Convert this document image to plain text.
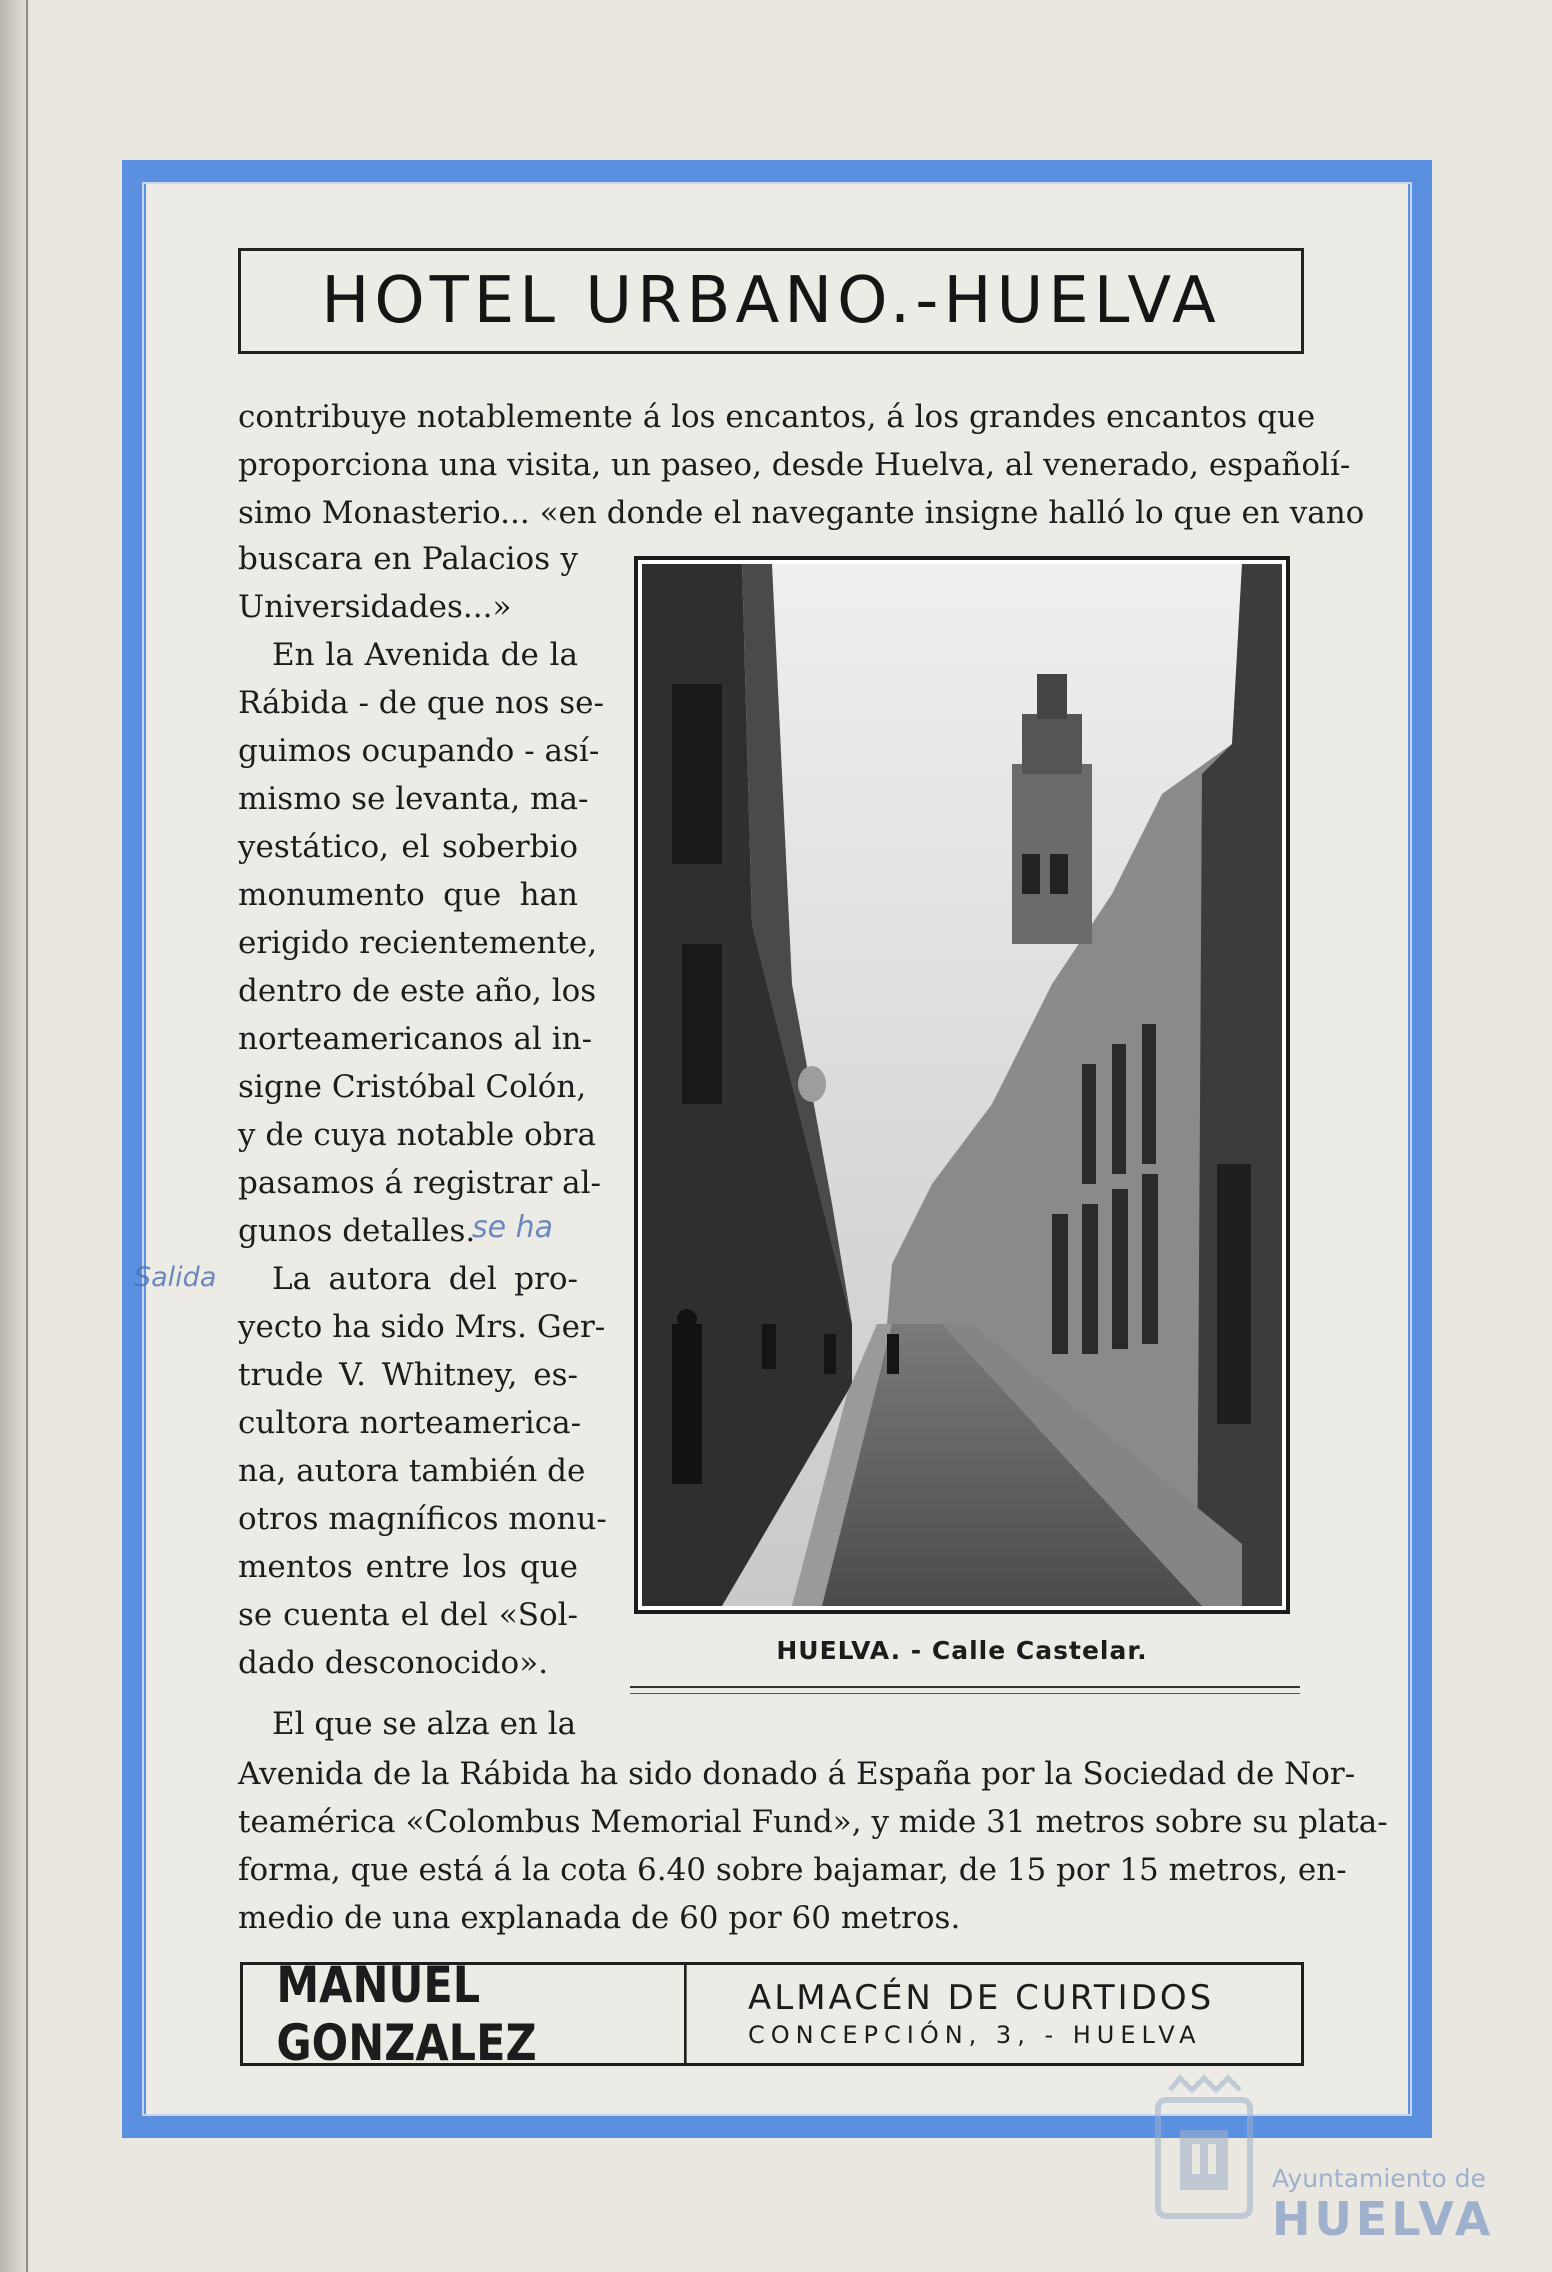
HOTEL URBANO.-HUELVA
contribuye notablemente á los encantos, á los grandes encantos que
proporciona una visita, un paseo, desde Huelva, al venerado, españolí-
simo Monasterio... «en donde el navegante insigne halló lo que en vano
buscara en Palacios y
Universidades...»
En la Avenida de la
Rábida - de que nos se-
guimos ocupando - así-
mismo se levanta, ma-
yestático, el soberbio
monumento que han
erigido recientemente,
dentro de este año, los
norteamericanos al in-
signe Cristóbal Colón,
y de cuya notable obra
pasamos á registrar al-
gunos detalles.
La autora del pro-
yecto ha sido Mrs. Ger-
trude V. Whitney, es-
cultora norteamerica-
na, autora también de
otros magníficos monu-
mentos entre los que
se cuenta el del «Sol-
dado desconocido».
El que se alza en la
Avenida de la Rábida ha sido donado á España por la Sociedad de Nor-
teamérica «Colombus Memorial Fund», y mide 31 metros sobre su plata-
forma, que está á la cota 6.40 sobre bajamar, de 15 por 15 metros, en-
medio de una explanada de 60 por 60 metros.
se ha
Salida
HUELVA. - Calle Castelar.
MANUEL GONZALEZ
ALMACÉN DE CURTIDOS
CONCEPCIÓN, 3, - HUELVA
Ayuntamiento de
HUELVA
